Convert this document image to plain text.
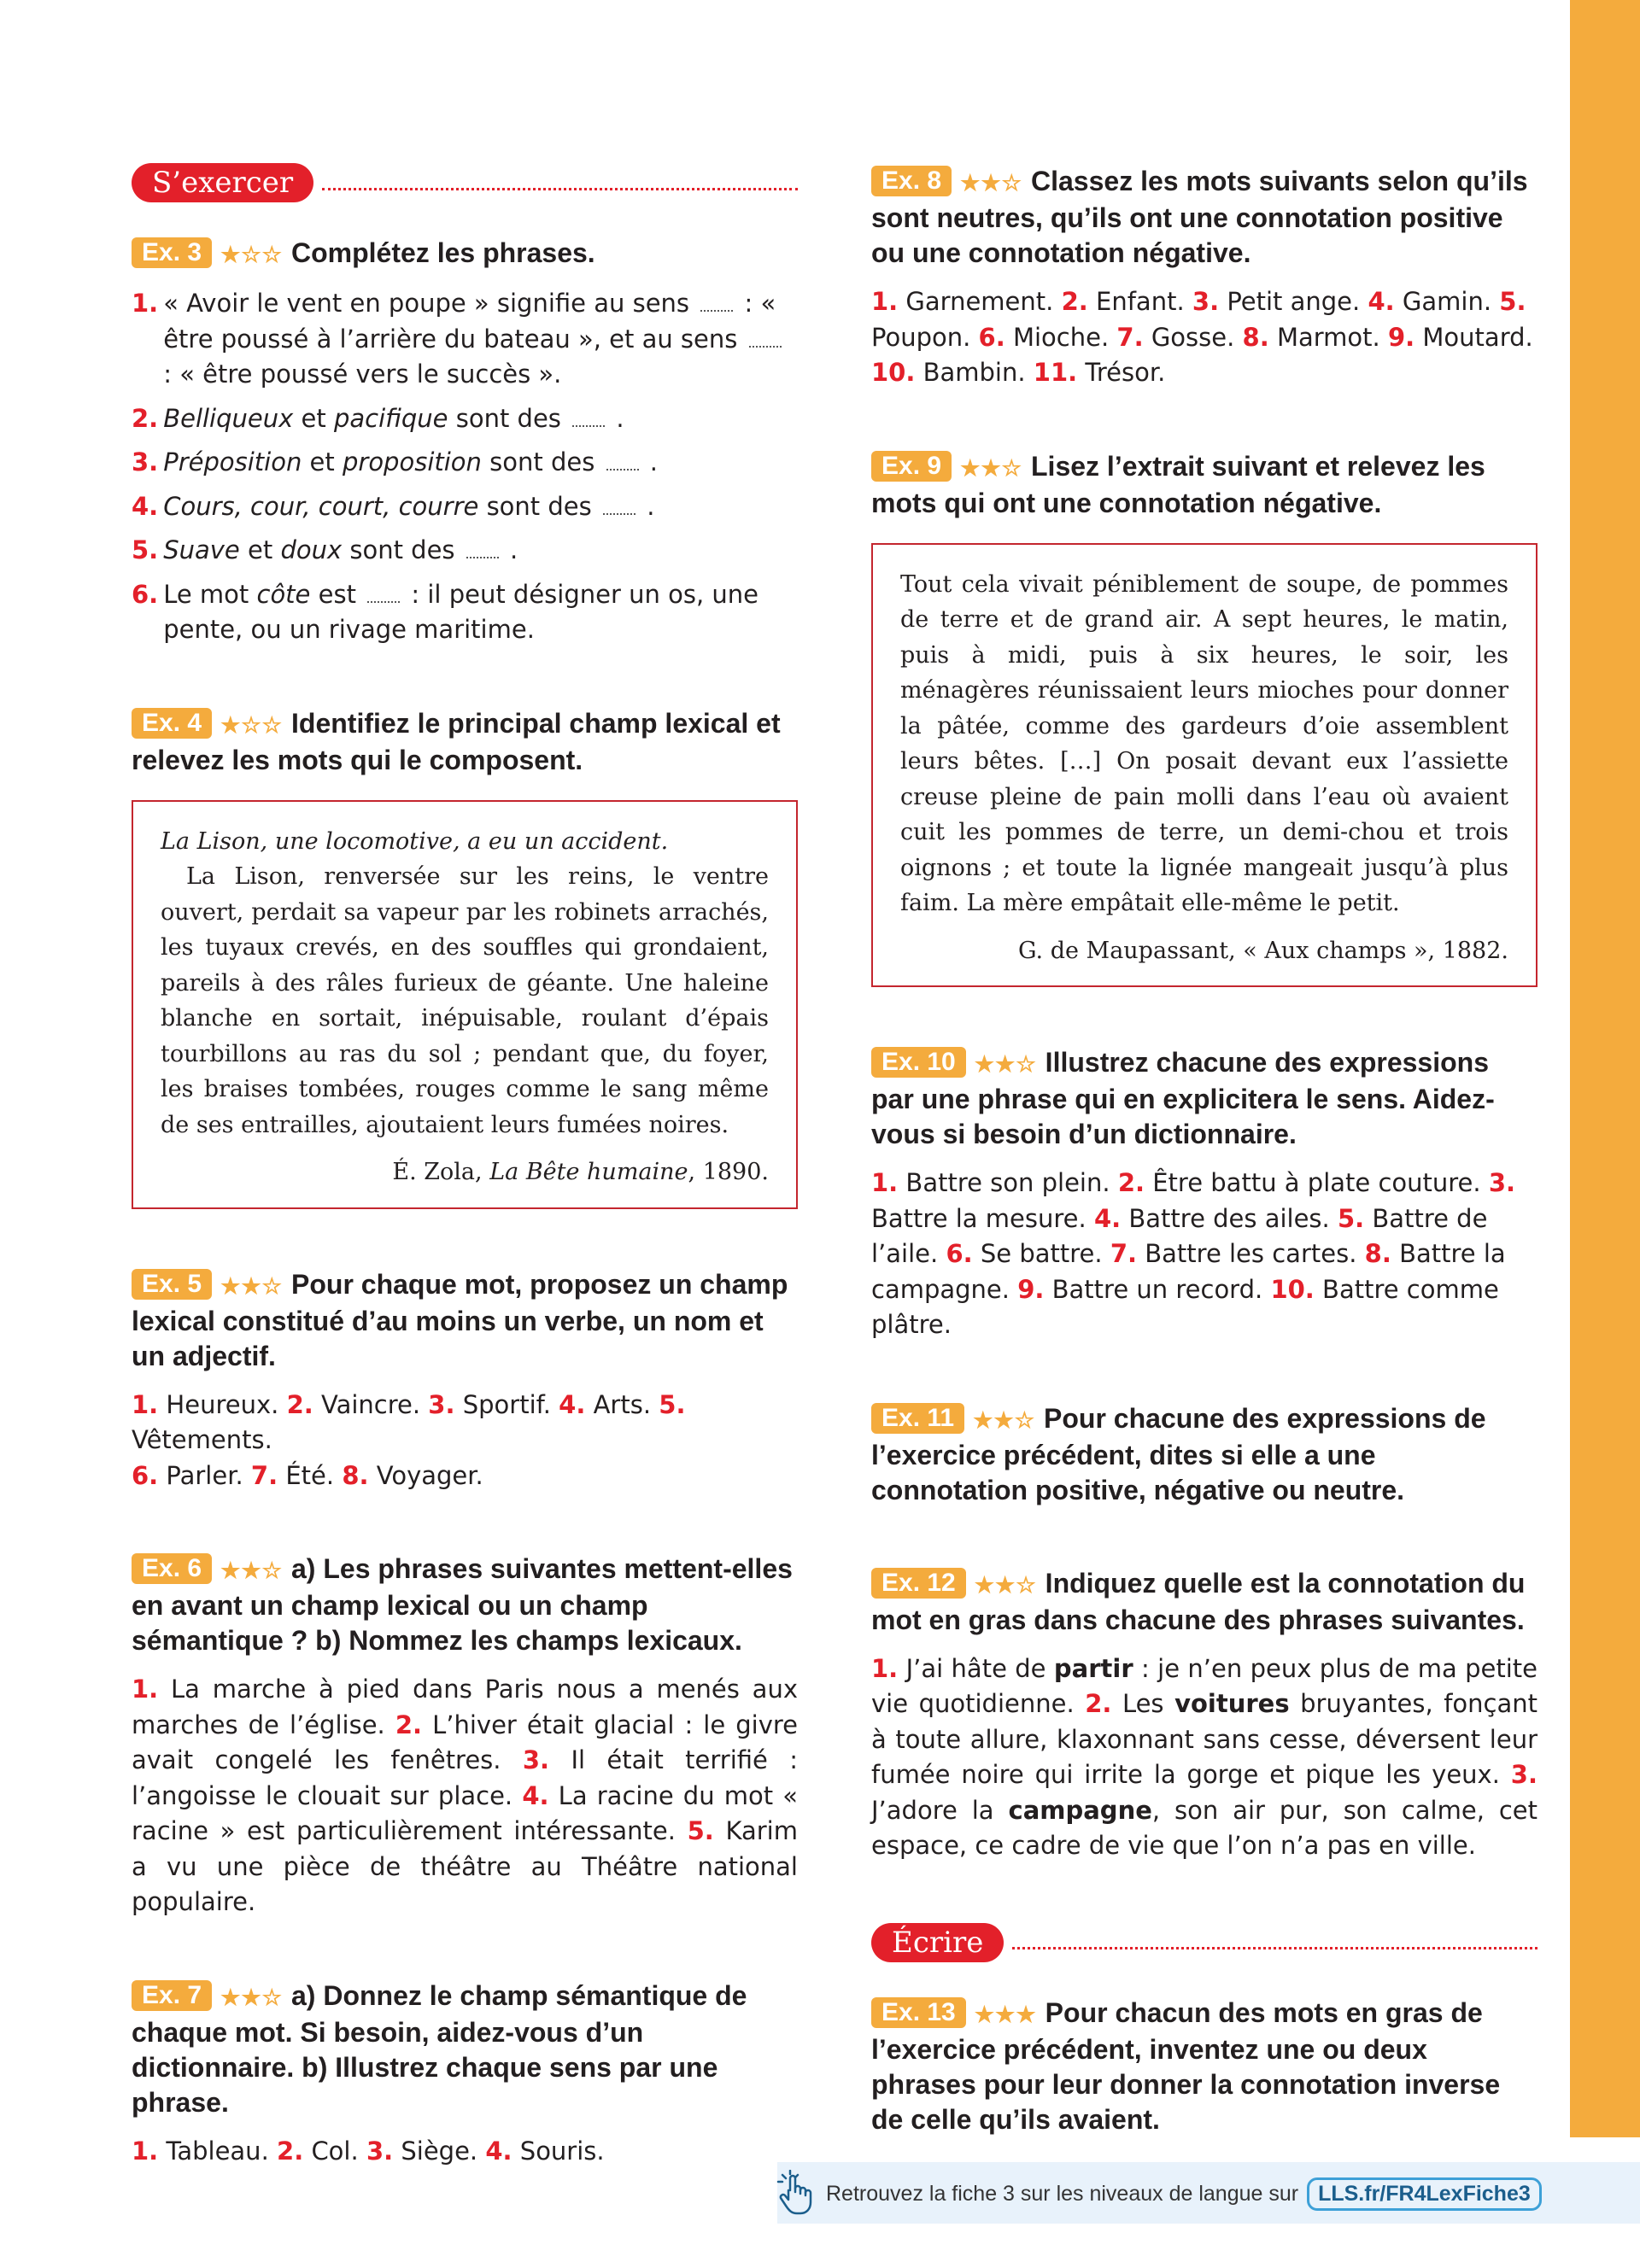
S’exercer
Ex. 3 ★☆☆ Complétez les phrases.
1. « Avoir le vent en poupe » signifie au sens : « être poussé à l’arrière du bateau », et au sens  : « être poussé vers le succès ».
2. Belliqueux et pacifique sont des .
3. Préposition et proposition sont des .
4. Cours, cour, court, courre sont des .
5. Suave et doux sont des .
6. Le mot côte est : il peut désigner un os, une pente, ou un rivage maritime.
Ex. 4 ★☆☆ Identifiez le principal champ lexical et relevez les mots qui le composent.
La Lison, une locomotive, a eu un accident.
La Lison, renversée sur les reins, le ventre ouvert, perdait sa vapeur par les robinets arrachés, les tuyaux crevés, en des souffles qui grondaient, pareils à des râles furieux de géante. Une haleine blanche en sortait, inépuisable, roulant d’épais tourbillons au ras du sol ; pendant que, du foyer, les braises tombées, rouges comme le sang même de ses entrailles, ajoutaient leurs fumées noires.
É. Zola, La Bête humaine, 1890.
Ex. 5 ★★☆ Pour chaque mot, proposez un champ lexical constitué d’au moins un verbe, un nom et un adjectif.
1. Heureux. 2. Vaincre. 3. Sportif. 4. Arts. 5. Vêtements.
6. Parler. 7. Été. 8. Voyager.
Ex. 6 ★★☆ a) Les phrases suivantes mettent-elles en avant un champ lexical ou un champ sémantique ? b) Nommez les champs lexicaux.
1. La marche à pied dans Paris nous a menés aux marches de l’église. 2. L’hiver était glacial : le givre avait congelé les fenêtres. 3. Il était terrifié : l’angoisse le clouait sur place. 4. La racine du mot « racine » est particulièrement intéressante. 5. Karim a vu une pièce de théâtre au Théâtre national populaire.
Ex. 7 ★★☆ a) Donnez le champ sémantique de chaque mot. Si besoin, aidez-vous d’un dictionnaire. b) Illustrez chaque sens par une phrase.
1. Tableau. 2. Col. 3. Siège. 4. Souris.
Ex. 8 ★★☆ Classez les mots suivants selon qu’ils sont neutres, qu’ils ont une connotation positive ou une connotation négative.
1. Garnement. 2. Enfant. 3. Petit ange. 4. Gamin. 5. Poupon. 6. Mioche. 7. Gosse. 8. Marmot. 9. Moutard. 10. Bambin. 11. Trésor.
Ex. 9 ★★☆ Lisez l’extrait suivant et relevez les mots qui ont une connotation négative.
Tout cela vivait péniblement de soupe, de pommes de terre et de grand air. A sept heures, le matin, puis à midi, puis à six heures, le soir, les ménagères réunissaient leurs mioches pour donner la pâtée, comme des gardeurs d’oie assemblent leurs bêtes. […] On posait devant eux l’assiette creuse pleine de pain molli dans l’eau où avaient cuit les pommes de terre, un demi-chou et trois oignons ; et toute la lignée mangeait jusqu’à plus faim. La mère empâtait elle-même le petit.
G. de Maupassant, « Aux champs », 1882.
Ex. 10 ★★☆ Illustrez chacune des expressions par une phrase qui en explicitera le sens. Aidez-vous si besoin d’un dictionnaire.
1. Battre son plein. 2. Être battu à plate couture. 3. Battre la mesure. 4. Battre des ailes. 5. Battre de l’aile. 6. Se battre. 7. Battre les cartes. 8. Battre la campagne. 9. Battre un record. 10. Battre comme plâtre.
Ex. 11 ★★☆ Pour chacune des expressions de l’exercice précédent, dites si elle a une connotation positive, négative ou neutre.
Ex. 12 ★★☆ Indiquez quelle est la connotation du mot en gras dans chacune des phrases suivantes.
1. J’ai hâte de partir : je n’en peux plus de ma petite vie quotidienne. 2. Les voitures bruyantes, fonçant à toute allure, klaxonnant sans cesse, déversent leur fumée noire qui irrite la gorge et pique les yeux. 3. J’adore la campagne, son air pur, son calme, cet espace, ce cadre de vie que l’on n’a pas en ville.
Écrire
Ex. 13 ★★★ Pour chacun des mots en gras de l’exercice précédent, inventez une ou deux phrases pour leur donner la connotation inverse de celle qu’ils avaient.
Retrouvez la fiche 3 sur les niveaux de langue sur LLS.fr/FR4LexFiche3
